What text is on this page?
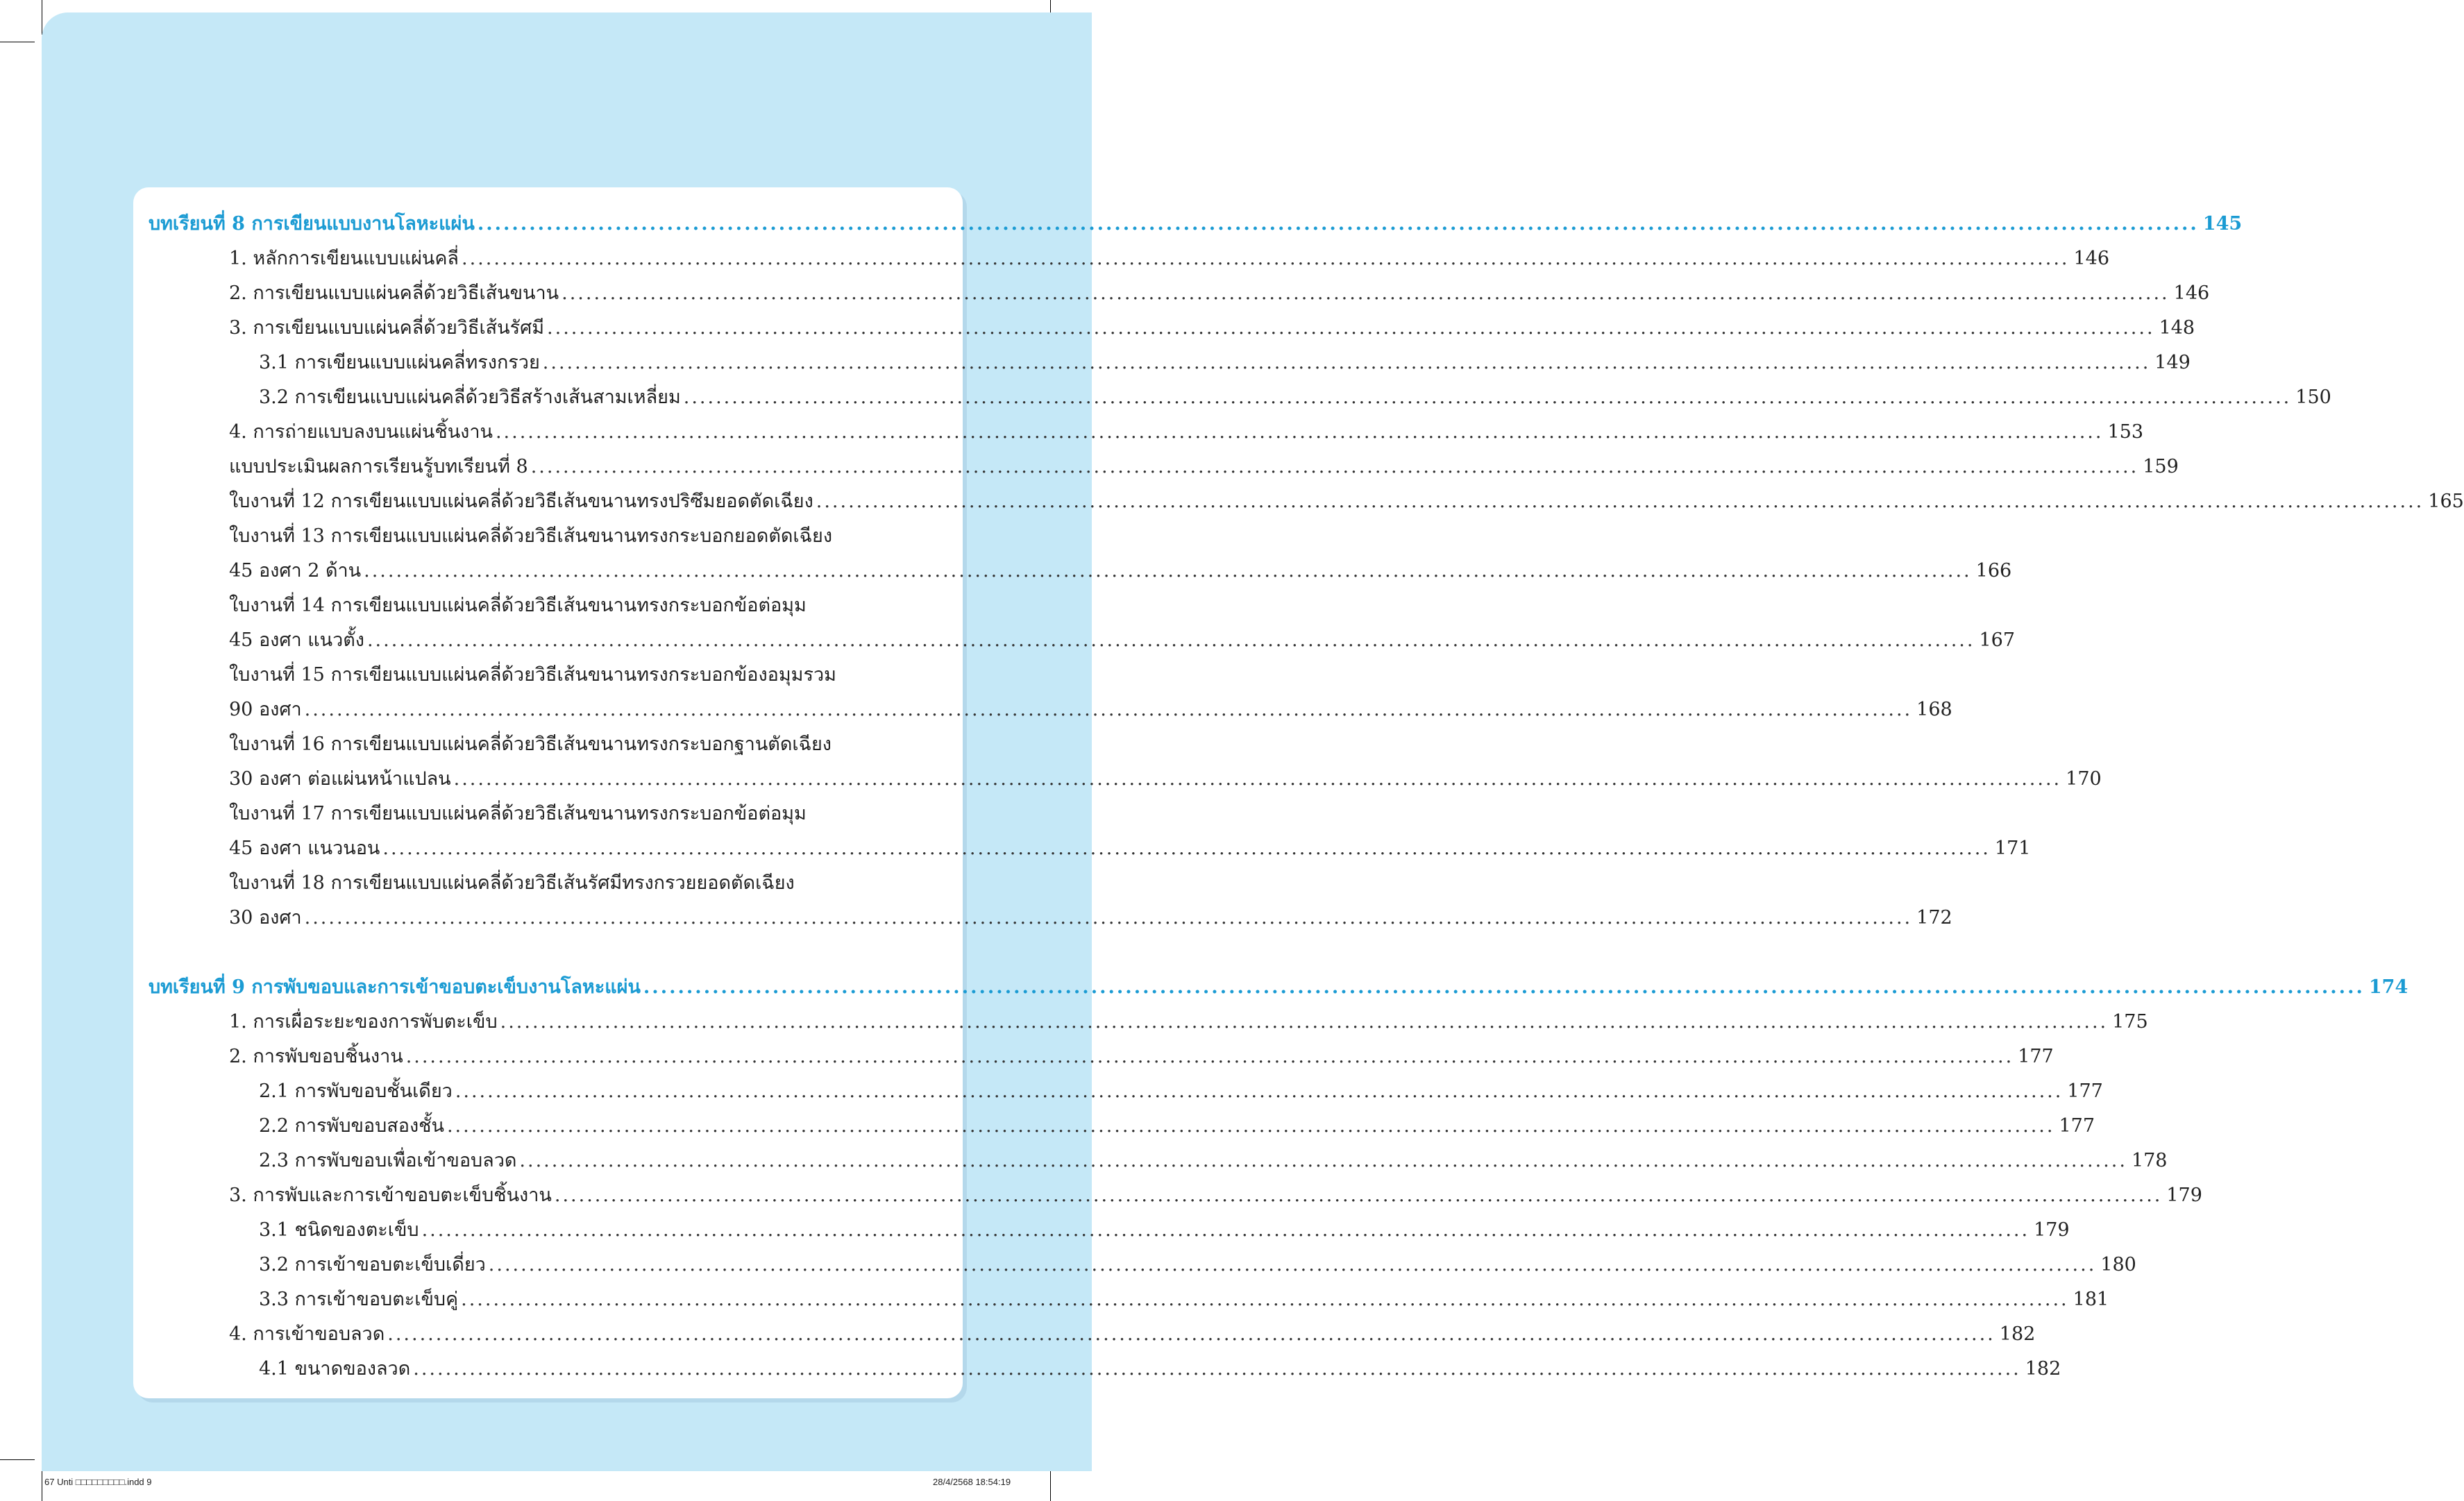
บทเรียนที่ 8 การเขียนแบบงานโลหะแผ่น ........................................................................................................................................................................................................ 145
1. หลักการเขียนแบบแผ่นคลี่ ........................................................................................................................................................................................................ 146
2. การเขียนแบบแผ่นคลี่ด้วยวิธีเส้นขนาน ........................................................................................................................................................................................................ 146
3. การเขียนแบบแผ่นคลี่ด้วยวิธีเส้นรัศมี ........................................................................................................................................................................................................ 148
3.1 การเขียนแบบแผ่นคลี่ทรงกรวย ........................................................................................................................................................................................................ 149
3.2 การเขียนแบบแผ่นคลี่ด้วยวิธีสร้างเส้นสามเหลี่ยม ........................................................................................................................................................................................................ 150
4. การถ่ายแบบลงบนแผ่นชิ้นงาน ........................................................................................................................................................................................................ 153
แบบประเมินผลการเรียนรู้บทเรียนที่ 8 ........................................................................................................................................................................................................ 159
ใบงานที่ 12 การเขียนแบบแผ่นคลี่ด้วยวิธีเส้นขนานทรงปริซึมยอดตัดเฉียง ........................................................................................................................................................................................................ 165
ใบงานที่ 13 การเขียนแบบแผ่นคลี่ด้วยวิธีเส้นขนานทรงกระบอกยอดตัดเฉียง
45 องศา 2 ด้าน ........................................................................................................................................................................................................ 166
ใบงานที่ 14 การเขียนแบบแผ่นคลี่ด้วยวิธีเส้นขนานทรงกระบอกข้อต่อมุม
45 องศา แนวตั้ง ........................................................................................................................................................................................................ 167
ใบงานที่ 15 การเขียนแบบแผ่นคลี่ด้วยวิธีเส้นขนานทรงกระบอกข้องอมุมรวม
90 องศา ........................................................................................................................................................................................................ 168
ใบงานที่ 16 การเขียนแบบแผ่นคลี่ด้วยวิธีเส้นขนานทรงกระบอกฐานตัดเฉียง
30 องศา ต่อแผ่นหน้าแปลน ........................................................................................................................................................................................................ 170
ใบงานที่ 17 การเขียนแบบแผ่นคลี่ด้วยวิธีเส้นขนานทรงกระบอกข้อต่อมุม
45 องศา แนวนอน ........................................................................................................................................................................................................ 171
ใบงานที่ 18 การเขียนแบบแผ่นคลี่ด้วยวิธีเส้นรัศมีทรงกรวยยอดตัดเฉียง
30 องศา ........................................................................................................................................................................................................ 172
บทเรียนที่ 9 การพับขอบและการเข้าขอบตะเข็บงานโลหะแผ่น ........................................................................................................................................................................................................ 174
1. การเผื่อระยะของการพับตะเข็บ ........................................................................................................................................................................................................ 175
2. การพับขอบชิ้นงาน ........................................................................................................................................................................................................ 177
2.1 การพับขอบชั้นเดียว ........................................................................................................................................................................................................ 177
2.2 การพับขอบสองชั้น ........................................................................................................................................................................................................ 177
2.3 การพับขอบเพื่อเข้าขอบลวด ........................................................................................................................................................................................................ 178
3. การพับและการเข้าขอบตะเข็บชิ้นงาน ........................................................................................................................................................................................................ 179
3.1 ชนิดของตะเข็บ ........................................................................................................................................................................................................ 179
3.2 การเข้าขอบตะเข็บเดี่ยว ........................................................................................................................................................................................................ 180
3.3 การเข้าขอบตะเข็บคู่ ........................................................................................................................................................................................................ 181
4. การเข้าขอบลวด ........................................................................................................................................................................................................ 182
4.1 ขนาดของลวด ........................................................................................................................................................................................................ 182
67 Unti □□□□□□□□□.indd 9	28/4/2568 18:54:19
